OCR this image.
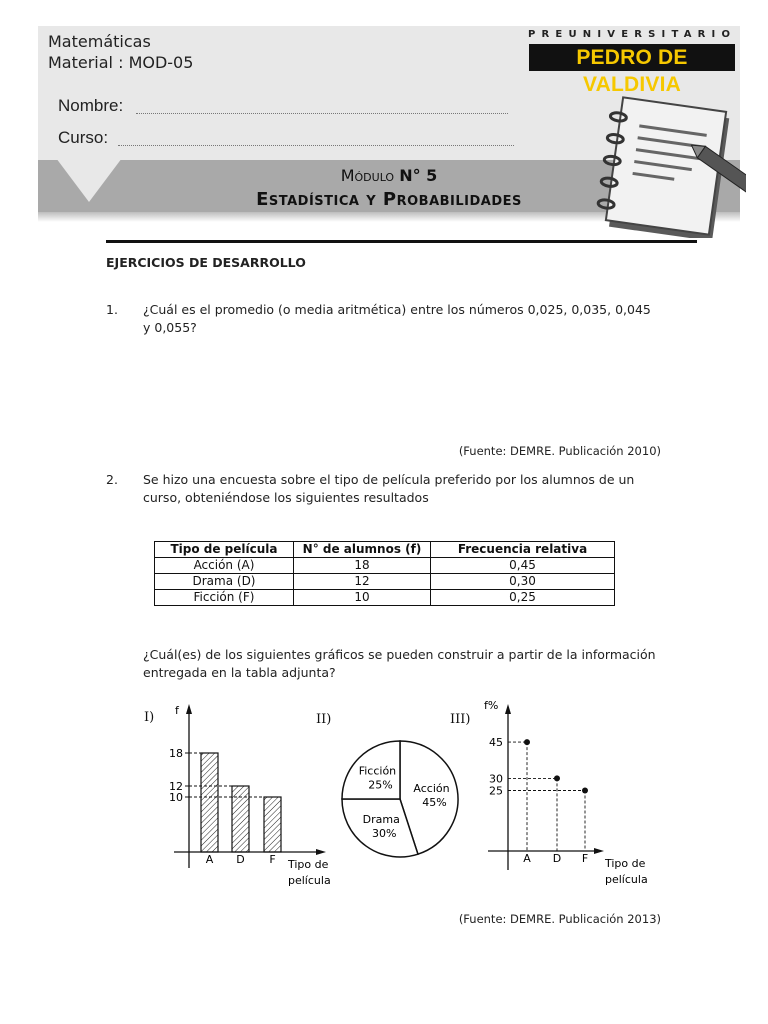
Matemáticas
Material : MOD-05
PREUNIVERSITARIO
PEDRO DE VALDIVIA
Nombre:
Curso:
Módulo N° 5
Estadística y Probabilidades
EJERCICIOS DE DESARROLLO
1. ¿Cuál es el promedio (o media aritmética) entre los números 0,025, 0,035, 0,045
y 0,055?
(Fuente: DEMRE. Publicación 2010)
2. Se hizo una encuesta sobre el tipo de película preferido por los alumnos de un
curso, obteniéndose los siguientes resultados
Tipo de película	N° de alumnos (f)	Frecuencia relativa
Acción (A)	18	0,45
Drama (D)	12	0,30
Ficción (F)	10	0,25
¿Cuál(es) de los siguientes gráficos se pueden construir a partir de la información
entregada en la tabla adjunta?
I)	II)	III)
f
A D F
18
12
10
Tipo de
película
Acción
45%
Drama
30%
Ficción
25%
f%
45
A
30
D
25
F Tipo de
película
(Fuente: DEMRE. Publicación 2013)
